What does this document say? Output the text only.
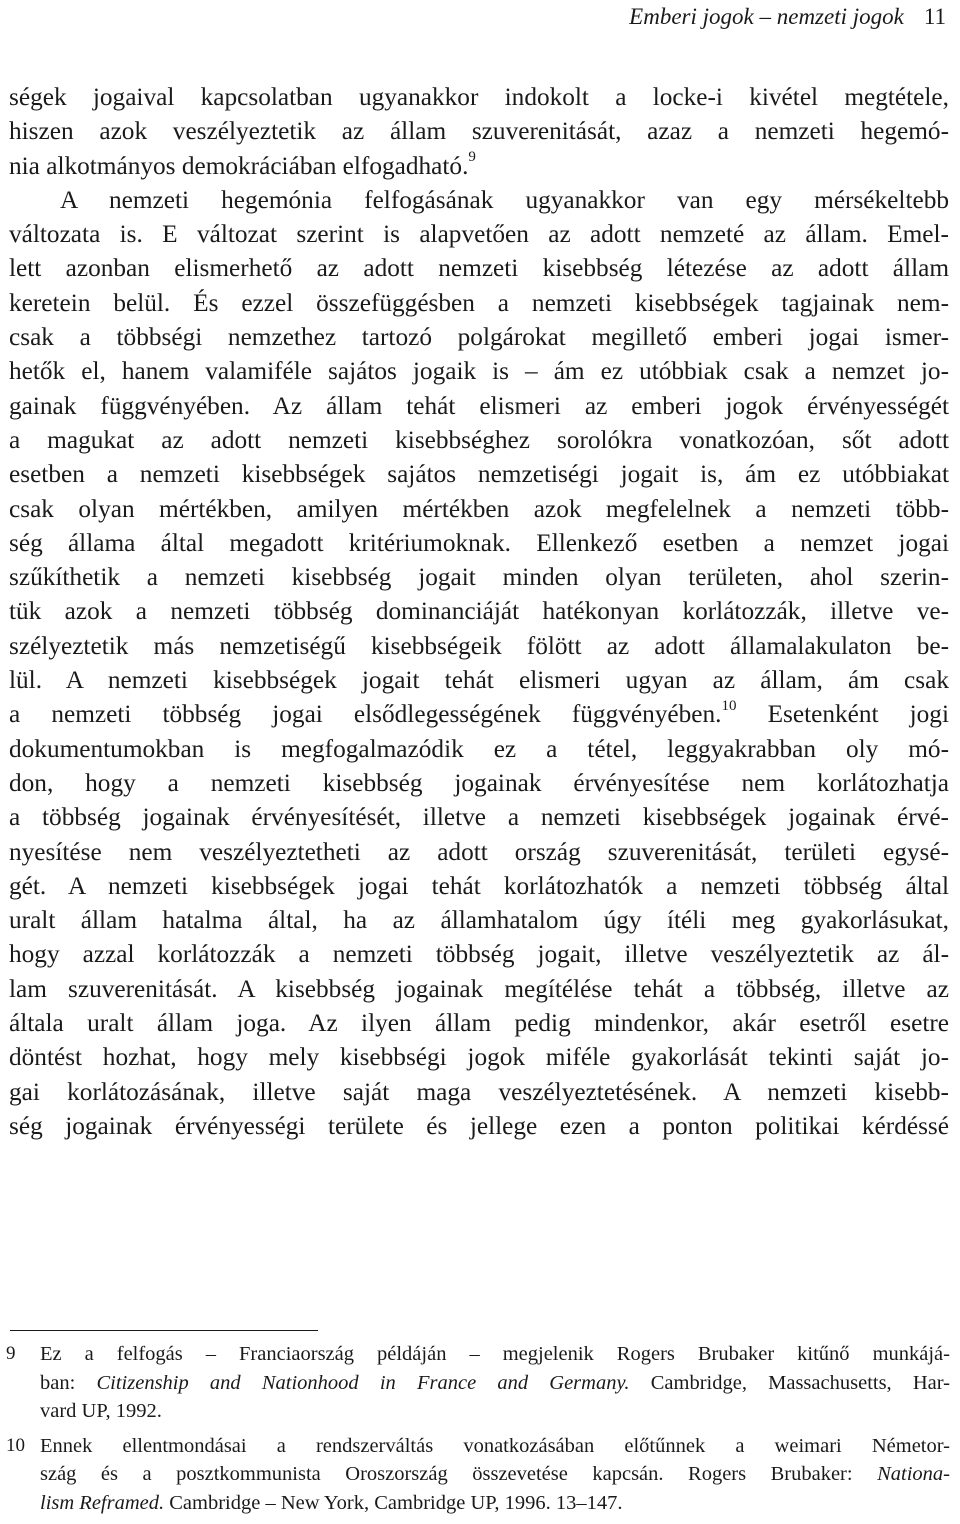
Emberi jogok – nemzeti jogok 11
ségek jogaival kapcsolatban ugyanakkor indokolt a locke-i kivétel megtétele,
hiszen azok veszélyeztetik az állam szuverenitását, azaz a nemzeti hegemó-
nia alkotmányos demokráciában elfogadható.$^9$
A nemzeti hegemónia felfogásának ugyanakkor van egy mérsékeltebb
változata is. E változat szerint is alapvetően az adott nemzeté az állam. Emel-
lett azonban elismerhető az adott nemzeti kisebbség létezése az adott állam
keretein belül. És ezzel összefüggésben a nemzeti kisebbségek tagjainak nem-
csak a többségi nemzethez tartozó polgárokat megillető emberi jogai ismer-
hetők el, hanem valamiféle sajátos jogaik is – ám ez utóbbiak csak a nemzet jo-
gainak függvényében. Az állam tehát elismeri az emberi jogok érvényességét
a magukat az adott nemzeti kisebbséghez sorolókra vonatkozóan, sőt adott
esetben a nemzeti kisebbségek sajátos nemzetiségi jogait is, ám ez utóbbiakat
csak olyan mértékben, amilyen mértékben azok megfelelnek a nemzeti több-
ség államа által megadott kritériumoknak. Ellenkező esetben a nemzet jogai
szűkíthetik a nemzeti kisebbség jogait minden olyan területen, ahol szerin-
tük azok a nemzeti többség dominanciáját hatékonyan korlátozzák, illetve ve-
szélyeztetik más nemzetiségű kisebbségeik fölött az adott államalakulaton be-
lül. A nemzeti kisebbségek jogait tehát elismeri ugyan az állam, ám csak
a nemzeti többség jogai elsődlegességének függvényében.$^{10}$ Esetenként jogi
dokumentumokban is megfogalmazódik ez a tétel, leggyakrabban oly mó-
don, hogy a nemzeti kisebbség jogainak érvényesítése nem korlátozhatja
a többség jogainak érvényesítését, illetve a nemzeti kisebbségek jogainak érvé-
nyesítése nem veszélyeztetheti az adott ország szuverenitását, területi egysé-
gét. A nemzeti kisebbségek jogai tehát korlátozhatók a nemzeti többség által
uralt állam hatalma által, ha az államhatalom úgy ítéli meg gyakorlásukat,
hogy azzal korlátozzák a nemzeti többség jogait, illetve veszélyeztetik az ál-
lam szuverenitását. A kisebbség jogainak megítélése tehát a többség, illetve az
általa uralt állam joga. Az ilyen állam pedig mindenkor, akár esetről esetre
döntést hozhat, hogy mely kisebbségi jogok miféle gyakorlását tekinti saját jo-
gai korlátozásának, illetve saját maga veszélyeztetésének. A nemzeti kisebb-
ség jogainak érvényességi területe és jellege ezen a ponton politikai kérdéssé
9 Ez a felfogás – Franciaország példáján – megjelenik Rogers Brubaker kitűnő munkájá-
ban: Citizenship and Nationhood in France and Germany. Cambridge, Massachusetts, Har-
vard UP, 1992.
10 Ennek ellentmondásai a rendszerváltás vonatkozásában előtűnnek a weimari Németor-
szág és a posztkommunista Oroszország összevetése kapcsán. Rogers Brubaker: Nationa-
lism Reframed. Cambridge – New York, Cambridge UP, 1996. 13–147.
